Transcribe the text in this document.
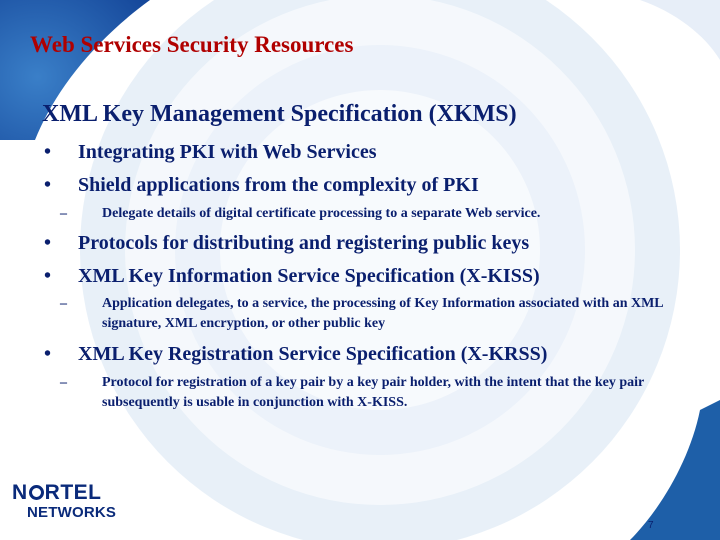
Web Services Security Resources
XML Key Management Specification (XKMS)
• Integrating PKI with Web Services
• Shield applications from the complexity of PKI
–	Delegate details of digital certificate processing to a separate Web service.
• Protocols for distributing and registering public keys
• XML Key Information Service Specification (X-KISS)
–	Application delegates, to a service, the processing of Key Information associated with an XML signature, XML encryption, or other public key
• XML Key Registration Service Specification (X-KRSS)
–	Protocol for registration of a key pair by a key pair holder, with the intent that the key pair subsequently is usable in conjunction with X-KISS.
N RTEL
NETWORKS
7
